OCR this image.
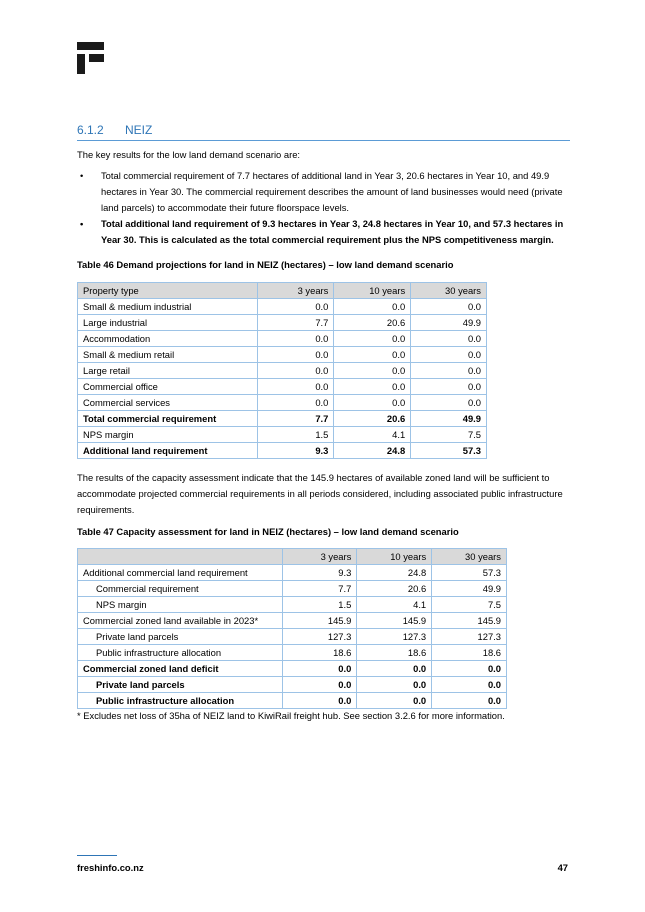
6.1.2 NEIZ
The key results for the low land demand scenario are:
• Total commercial requirement of 7.7 hectares of additional land in Year 3, 20.6 hectares in Year 10, and 49.9 hectares in Year 30. The commercial requirement describes the amount of land businesses would need (private land parcels) to accommodate their future floorspace levels.
• Total additional land requirement of 9.3 hectares in Year 3, 24.8 hectares in Year 10, and 57.3 hectares in Year 30. This is calculated as the total commercial requirement plus the NPS competitiveness margin.
Table 46 Demand projections for land in NEIZ (hectares) – low land demand scenario
Property type	3 years	10 years	30 years
Small & medium industrial	0.0	0.0	0.0
Large industrial	7.7	20.6	49.9
Accommodation	0.0	0.0	0.0
Small & medium retail	0.0	0.0	0.0
Large retail	0.0	0.0	0.0
Commercial office	0.0	0.0	0.0
Commercial services	0.0	0.0	0.0
Total commercial requirement	7.7	20.6	49.9
NPS margin	1.5	4.1	7.5
Additional land requirement	9.3	24.8	57.3
The results of the capacity assessment indicate that the 145.9 hectares of available zoned land will be sufficient to accommodate projected commercial requirements in all periods considered, including associated public infrastructure requirements.
Table 47 Capacity assessment for land in NEIZ (hectares) – low land demand scenario
	3 years	10 years	30 years
Additional commercial land requirement	9.3	24.8	57.3
Commercial requirement	7.7	20.6	49.9
NPS margin	1.5	4.1	7.5
Commercial zoned land available in 2023*	145.9	145.9	145.9
Private land parcels	127.3	127.3	127.3
Public infrastructure allocation	18.6	18.6	18.6
Commercial zoned land deficit	0.0	0.0	0.0
Private land parcels	0.0	0.0	0.0
Public infrastructure allocation	0.0	0.0	0.0
* Excludes net loss of 35ha of NEIZ land to KiwiRail freight hub. See section 3.2.6 for more information.
freshinfo.co.nz	47
